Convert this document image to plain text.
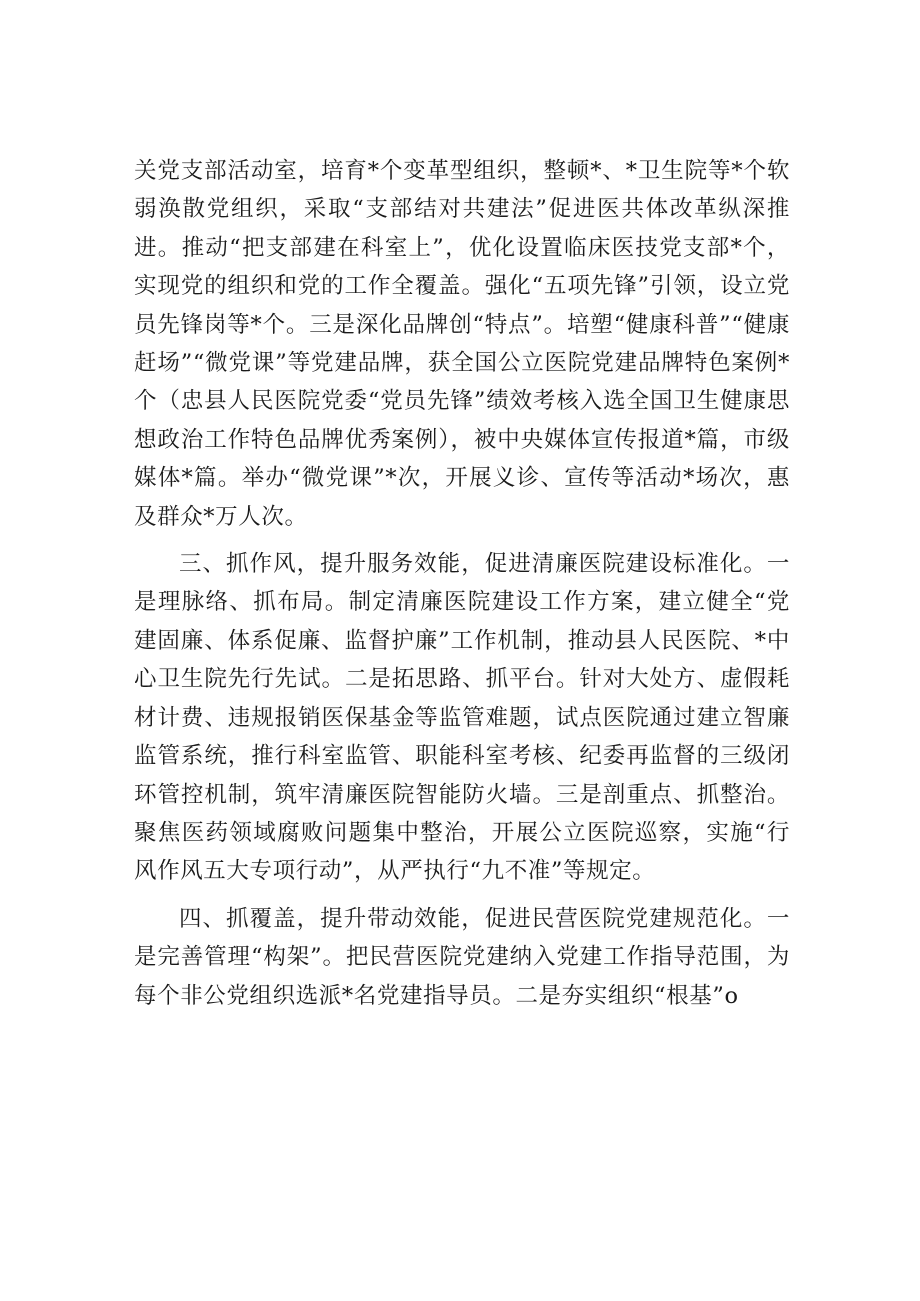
关党支部活动室，培育*个变革型组织，整顿*、*卫生院等*个软弱涣散党组织，采取“支部结对共建法”促进医共体改革纵深推进。推动“把支部建在科室上”，优化设置临床医技党支部*个，实现党的组织和党的工作全覆盖。强化“五项先锋”引领，设立党员先锋岗等*个。三是深化品牌创“特点”。培塑“健康科普”“健康赶场”“微党课”等党建品牌，获全国公立医院党建品牌特色案例*个（忠县人民医院党委“党员先锋”绩效考核入选全国卫生健康思想政治工作特色品牌优秀案例），被中央媒体宣传报道*篇，市级媒体*篇。举办“微党课”*次，开展义诊、宣传等活动*场次，惠及群众*万人次。

三、抓作风，提升服务效能，促进清廉医院建设标准化。一是理脉络、抓布局。制定清廉医院建设工作方案，建立健全“党建固廉、体系促廉、监督护廉”工作机制，推动县人民医院、*中心卫生院先行先试。二是拓思路、抓平台。针对大处方、虚假耗材计费、违规报销医保基金等监管难题，试点医院通过建立智廉监管系统，推行科室监管、职能科室考核、纪委再监督的三级闭环管控机制，筑牢清廉医院智能防火墙。三是剖重点、抓整治。聚焦医药领域腐败问题集中整治，开展公立医院巡察，实施“行风作风五大专项行动”，从严执行“九不准”等规定。

四、抓覆盖，提升带动效能，促进民营医院党建规范化。一是完善管理“构架”。把民营医院党建纳入党建工作指导范围，为每个非公党组织选派*名党建指导员。二是夯实组织“根基”o
